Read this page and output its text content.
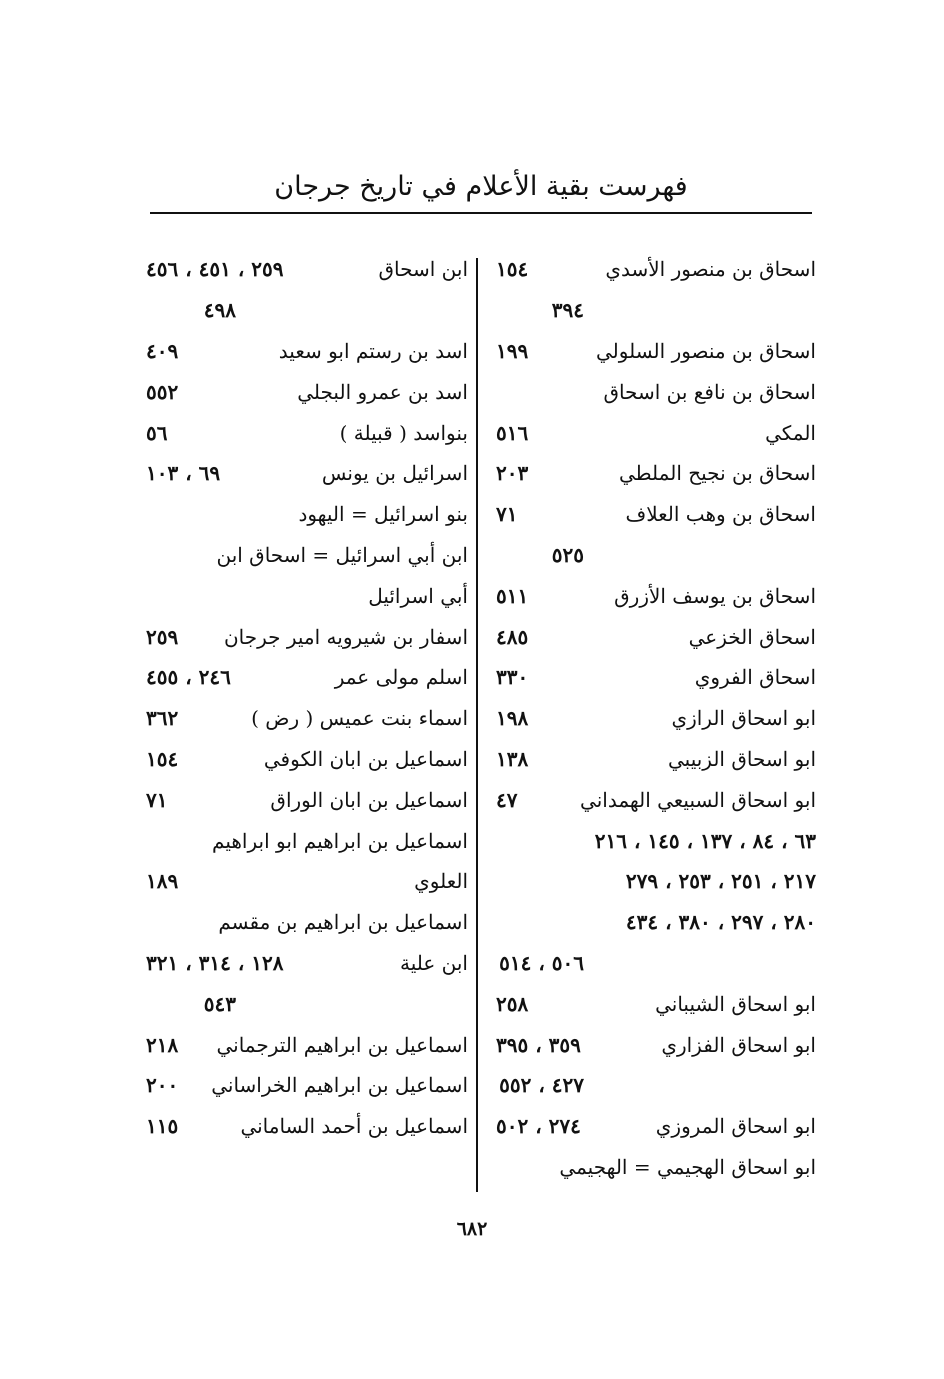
فهرست بقية الأعلام في تاريخ جرجان
اسحاق بن منصور الأسدي
١٥٤
٣٩٤
اسحاق بن منصور السلولي
١٩٩
اسحاق بن نافع بن اسحاق
المكي
٥١٦
اسحاق بن نجيح الملطي
٢٠٣
اسحاق بن وهب العلاف
٧١
٥٢٥
اسحاق بن يوسف الأزرق
٥١١
اسحاق الخزعي
٤٨٥
اسحاق الفروي
٣٣٠
ابو اسحاق الرازي
١٩٨
ابو اسحاق الزبيبي
١٣٨
ابو اسحاق السبيعي الهمداني
٤٧
٦٣ ، ٨٤ ، ١٣٧ ، ١٤٥ ، ٢١٦
٢١٧ ، ٢٥١ ، ٢٥٣ ، ٢٧٩
٢٨٠ ، ٢٩٧ ، ٣٨٠ ، ٤٣٤
٥٠٦ ، ٥١٤
ابو اسحاق الشيباني
٢٥٨
ابو اسحاق الفزاري
٣٥٩ ، ٣٩٥
٤٢٧ ، ٥٥٢
ابو اسحاق المروزي
٢٧٤ ، ٥٠٢
ابو اسحاق الهجيمي = الهجيمي
ابن اسحاق
٢٥٩ ، ٤٥١ ، ٤٥٦
٤٩٨
اسد بن رستم ابو سعيد
٤٠٩
اسد بن عمرو البجلي
٥٥٢
بنواسد ( قبيلة )
٥٦
اسرائيل بن يونس
٦٩ ، ١٠٣
بنو اسرائيل = اليهود
ابن أبي اسرائيل = اسحاق ابن
أبي اسرائيل
اسفار بن شيرويه امير جرجان
٢٥٩
اسلم مولى عمر
٢٤٦ ، ٤٥٥
اسماء بنت عميس ( رض )
٣٦٢
اسماعيل بن ابان الكوفي
١٥٤
اسماعيل بن ابان الوراق
٧١
اسماعيل بن ابراهيم ابو ابراهيم
العلوي
١٨٩
اسماعيل بن ابراهيم بن مقسم
ابن علية
١٢٨ ، ٣١٤ ، ٣٢١
٥٤٣
اسماعيل بن ابراهيم الترجماني
٢١٨
اسماعيل بن ابراهيم الخراساني
٢٠٠
اسماعيل بن أحمد الساماني
١١٥
٦٨٢
